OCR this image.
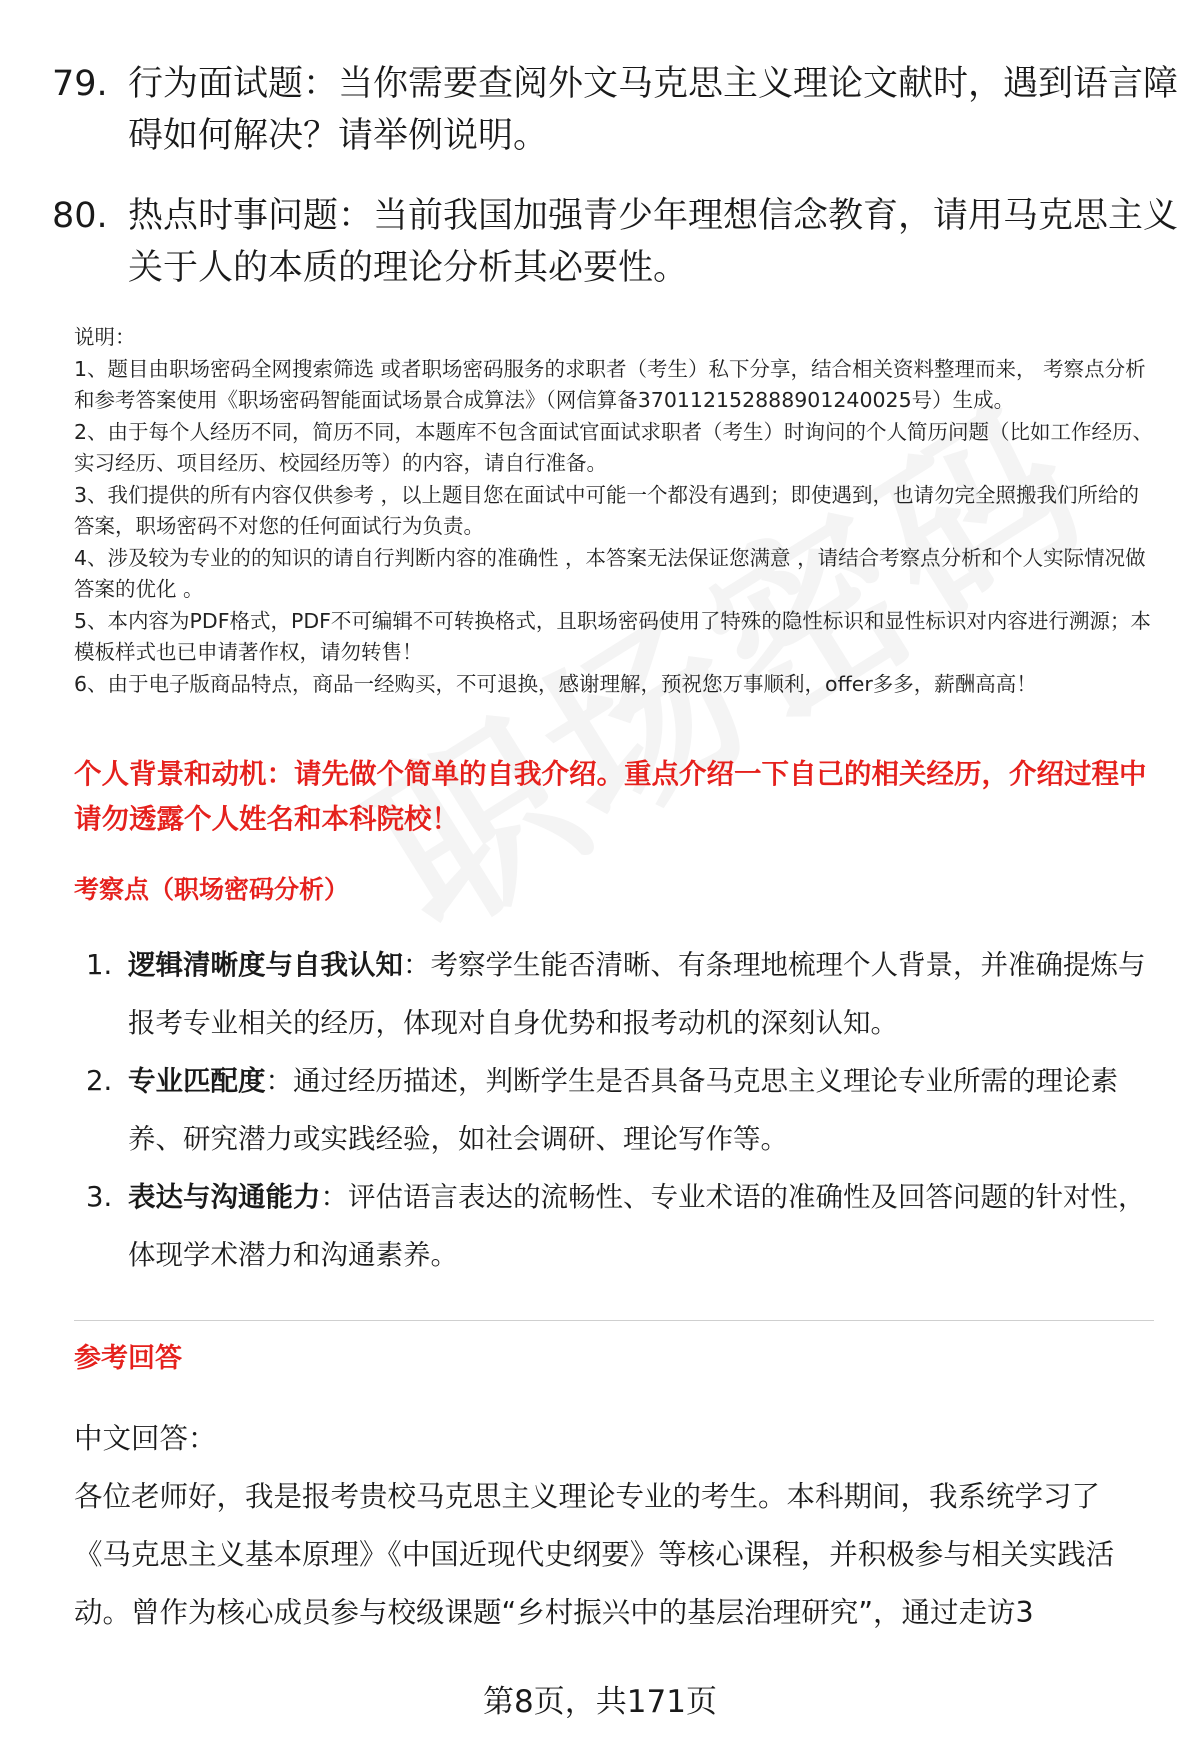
79. 行为面试题：当你需要查阅外文马克思主义理论文献时，遇到语言障碍如何解决？请举例说明。
80. 热点时事问题：当前我国加强青少年理想信念教育，请用马克思主义关于人的本质的理论分析其必要性。
说明：
1、题目由职场密码全网搜索筛选 或者职场密码服务的求职者（考生）私下分享，结合相关资料整理而来， 考察点分析和参考答案使用《职场密码智能面试场景合成算法》（网信算备370112152888901240025号）生成。
2、由于每个人经历不同，简历不同，本题库不包含面试官面试求职者（考生）时询问的个人简历问题（比如工作经历、实习经历、项目经历、校园经历等）的内容，请自行准备。
3、我们提供的所有内容仅供参考 ，以上题目您在面试中可能一个都没有遇到；即使遇到，也请勿完全照搬我们所给的答案，职场密码不对您的任何面试行为负责。
4、涉及较为专业的的知识的请自行判断内容的准确性 ，本答案无法保证您满意 ，请结合考察点分析和个人实际情况做答案的优化 。
5、本内容为PDF格式，PDF不可编辑不可转换格式，且职场密码使用了特殊的隐性标识和显性标识对内容进行溯源；本模板样式也已申请著作权，请勿转售！
6、由于电子版商品特点，商品一经购买，不可退换，感谢理解，预祝您万事顺利，offer多多，薪酬高高！
个人背景和动机：请先做个简单的自我介绍。重点介绍一下自己的相关经历，介绍过程中请勿透露个人姓名和本科院校！
考察点（职场密码分析）
1. 逻辑清晰度与自我认知：考察学生能否清晰、有条理地梳理个人背景，并准确提炼与报考专业相关的经历，体现对自身优势和报考动机的深刻认知。
2. 专业匹配度：通过经历描述，判断学生是否具备马克思主义理论专业所需的理论素养、研究潜力或实践经验，如社会调研、理论写作等。
3. 表达与沟通能力：评估语言表达的流畅性、专业术语的准确性及回答问题的针对性，体现学术潜力和沟通素养。
参考回答

中文回答：

各位老师好，我是报考贵校马克思主义理论专业的考生。本科期间，我系统学习了《马克思主义基本原理》《中国近现代史纲要》等核心课程，并积极参与相关实践活动。曾作为核心成员参与校级课题“乡村振兴中的基层治理研究”，通过走访3

第8页，共171页
